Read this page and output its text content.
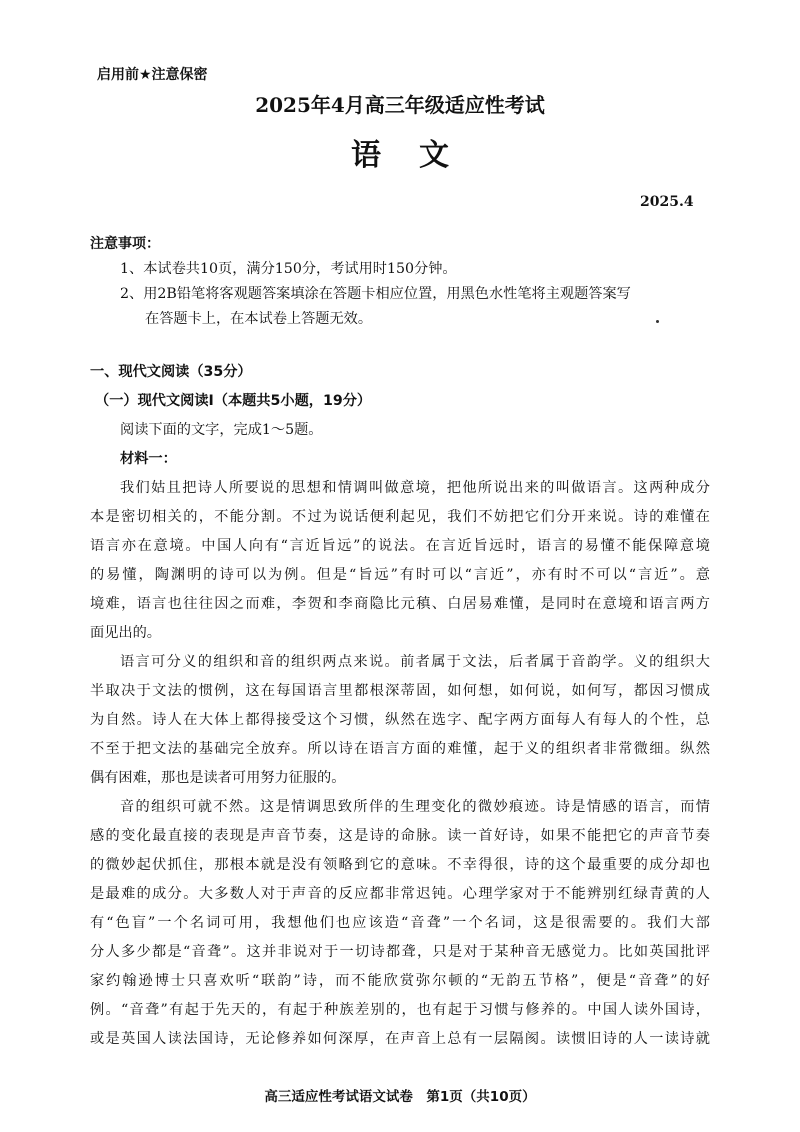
启用前★注意保密
2025年4月高三年级适应性考试
语文
2025.4
注意事项：
1、本试卷共10页，满分150分，考试用时150分钟。
2、用2B铅笔将客观题答案填涂在答题卡相应位置，用黑色水性笔将主观题答案写
在答题卡上，在本试卷上答题无效。
一、现代文阅读（35分）
（一）现代文阅读Ⅰ（本题共5小题，19分）
阅读下面的文字，完成1～5题。
材料一：
我们姑且把诗人所要说的思想和情调叫做意境，把他所说出来的叫做语言。这两种成分
本是密切相关的，不能分割。不过为说话便利起见，我们不妨把它们分开来说。诗的难懂在
语言亦在意境。中国人向有“言近旨远”的说法。在言近旨远时，语言的易懂不能保障意境
的易懂，陶渊明的诗可以为例。但是“旨远”有时可以“言近”，亦有时不可以“言近”。意
境难，语言也往往因之而难，李贺和李商隐比元稹、白居易难懂，是同时在意境和语言两方
面见出的。
语言可分义的组织和音的组织两点来说。前者属于文法，后者属于音韵学。义的组织大
半取决于文法的惯例，这在每国语言里都根深蒂固，如何想，如何说，如何写，都因习惯成
为自然。诗人在大体上都得接受这个习惯，纵然在选字、配字两方面每人有每人的个性，总
不至于把文法的基础完全放弃。所以诗在语言方面的难懂，起于义的组织者非常微细。纵然
偶有困难，那也是读者可用努力征服的。
音的组织可就不然。这是情调思致所伴的生理变化的微妙痕迹。诗是情感的语言，而情
感的变化最直接的表现是声音节奏，这是诗的命脉。读一首好诗，如果不能把它的声音节奏
的微妙起伏抓住，那根本就是没有领略到它的意味。不幸得很，诗的这个最重要的成分却也
是最难的成分。大多数人对于声音的反应都非常迟钝。心理学家对于不能辨别红绿青黄的人
有“色盲”一个名词可用，我想他们也应该造“音聋”一个名词，这是很需要的。我们大部
分人多少都是“音聋”。这并非说对于一切诗都聋，只是对于某种音无感觉力。比如英国批评
家约翰逊博士只喜欢听“联韵”诗，而不能欣赏弥尔顿的“无韵五节格”，便是“音聋”的好
例。“音聋”有起于先天的，有起于种族差别的，也有起于习惯与修养的。中国人读外国诗，
或是英国人读法国诗，无论修养如何深厚，在声音上总有一层隔阂。读惯旧诗的人一读诗就
高三适应性考试语文试卷　第1页（共10页）
